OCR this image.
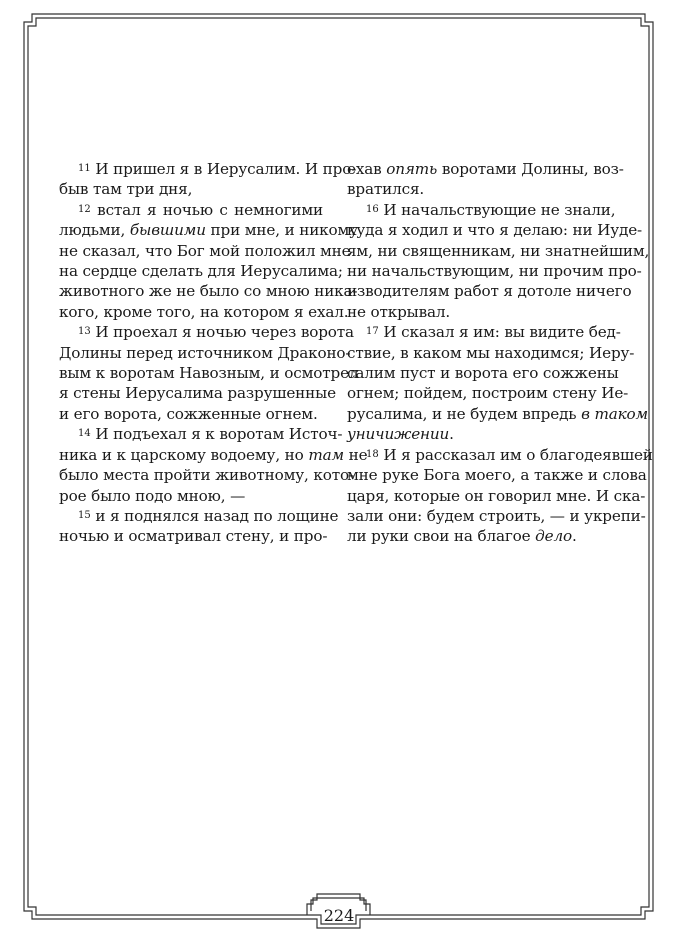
$^{11}$ И пришел я в Иерусалим. И про-
быв там три дня,
$^{12}$ встал я ночью с немногими
людьми, бывшими при мне, и никому
не сказал, что Бог мой положил мне
на сердце сделать для Иерусалима;
животного же не было со мною ника-
кого, кроме того, на котором я ехал.
$^{13}$ И проехал я ночью через ворота
Долины перед источником Драконо-
вым к воротам Навозным, и осмотрел
я стены Иерусалима разрушенные
и его ворота, сожженные огнем.
$^{14}$ И подъехал я к воротам Источ-
ника и к царскому водоему, но там не
было места пройти животному, кото-
рое было подо мною, —
$^{15}$ и я поднялся назад по лощине
ночью и осматривал стену, и про-
ехав опять воротами Долины, воз-
вратился.
$^{16}$ И начальствующие не знали,
куда я ходил и что я делаю: ни Иуде-
ям, ни священникам, ни знатнейшим,
ни начальствующим, ни прочим про-
изводителям работ я дотоле ничего
не открывал.
$^{17}$ И сказал я им: вы видите бед-
ствие, в каком мы находимся; Иеру-
салим пуст и ворота его сожжены
огнем; пойдем, построим стену Ие-
русалима, и не будем впредь в таком
уничижении.
$^{18}$ И я рассказал им о благодеявшей
мне руке Бога моего, а также и слова
царя, которые он говорил мне. И ска-
зали они: будем строить, — и укрепи-
ли руки свои на благое дело.
224
